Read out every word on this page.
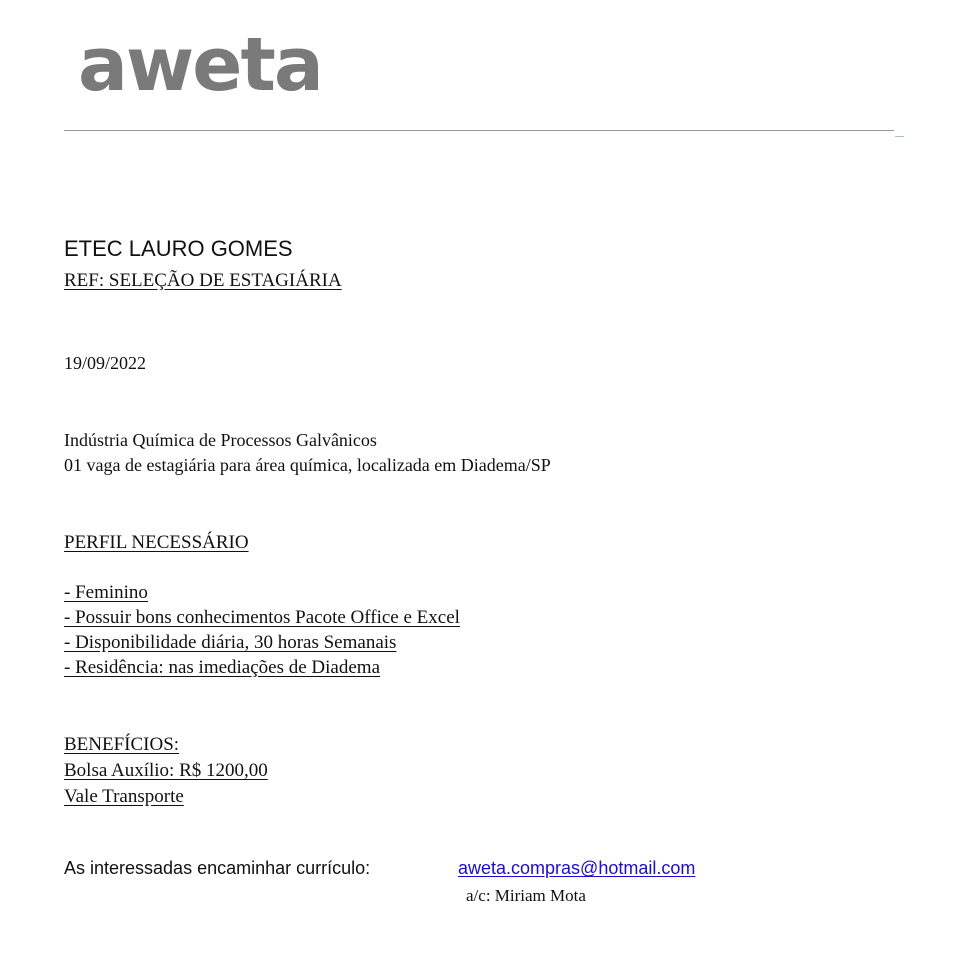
aweta
﹏
ETEC LAURO GOMES
REF: SELEÇÃO DE ESTAGIÁRIA
19/09/2022
Indústria Química de Processos Galvânicos
01 vaga de estagiária para área química, localizada em Diadema/SP
PERFIL NECESSÁRIO
- Feminino
- Possuir bons conhecimentos Pacote Office e Excel
- Disponibilidade diária, 30 horas Semanais
- Residência: nas imediações de Diadema
BENEFÍCIOS:
Bolsa Auxílio: R$ 1200,00
Vale Transporte
As interessadas encaminhar currículo:	aweta.compras@hotmail.com
a/c: Miriam Mota
